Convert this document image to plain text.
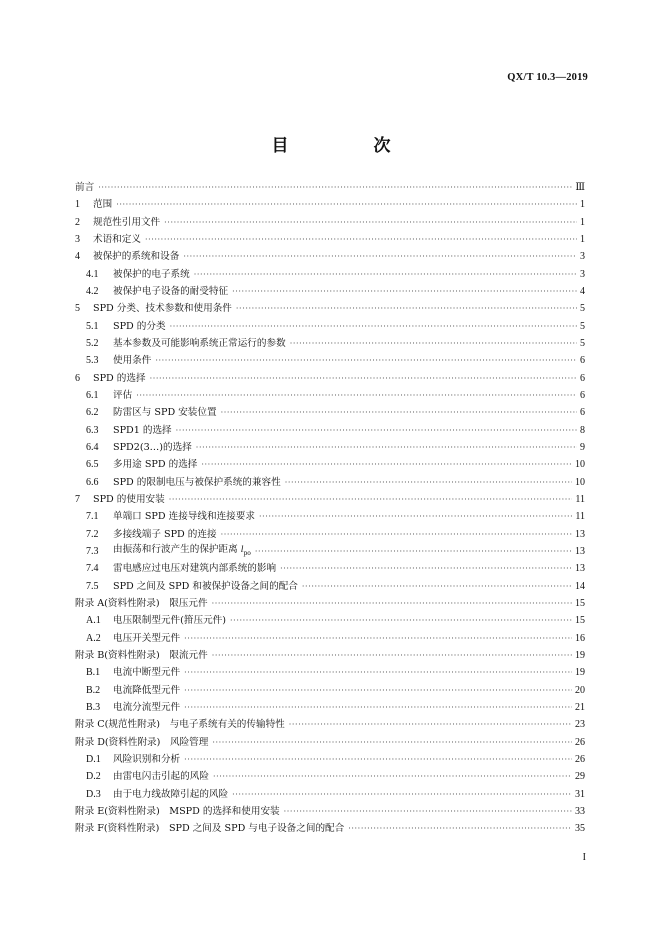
QX/T 10.3—2019
目　次
前言 ·····	Ⅲ
1	范围 ·····	1
2	规范性引用文件 ·····	1
3	术语和定义 ·····	1
4	被保护的系统和设备 ·····	3
4.1	被保护的电子系统 ·····	3
4.2	被保护电子设备的耐受特征 ·····	4
5	SPD 分类、技术参数和使用条件 ·····	5
5.1	SPD 的分类 ·····	5
5.2	基本参数及可能影响系统正常运行的参数 ·····	5
5.3	使用条件 ·····	6
6	SPD 的选择 ·····	6
6.1	评估 ·····	6
6.2	防雷区与 SPD 安装位置 ·····	6
6.3	SPD1 的选择 ·····	8
6.4	SPD2(3…)的选择 ·····	9
6.5	多用途 SPD 的选择 ·····	10
6.6	SPD 的限制电压与被保护系统的兼容性 ·····	10
7	SPD 的使用安装 ·····	11
7.1	单端口 SPD 连接导线和连接要求 ·····	11
7.2	多接线端子 SPD 的连接 ·····	13
7.3	由振荡和行波产生的保护距离 $l_{po}$ ·····	13
7.4	雷电感应过电压对建筑内部系统的影响 ·····	13
7.5	SPD 之间及 SPD 和被保护设备之间的配合 ·····	14
附录 A(资料性附录)　限压元件 ·····	15
A.1	电压限制型元件(箝压元件) ·····	15
A.2	电压开关型元件 ·····	16
附录 B(资料性附录)　限流元件 ·····	19
B.1	电流中断型元件 ·····	19
B.2	电流降低型元件 ·····	20
B.3	电流分流型元件 ·····	21
附录 C(规范性附录)　与电子系统有关的传输特性 ·····	23
附录 D(资料性附录)　风险管理 ·····	26
D.1	风险识别和分析 ·····	26
D.2	由雷电闪击引起的风险 ·····	29
D.3	由于电力线故障引起的风险 ·····	31
附录 E(资料性附录)　MSPD 的选择和使用安装 ·····	33
附录 F(资料性附录)　SPD 之间及 SPD 与电子设备之间的配合 ·····	35
I
